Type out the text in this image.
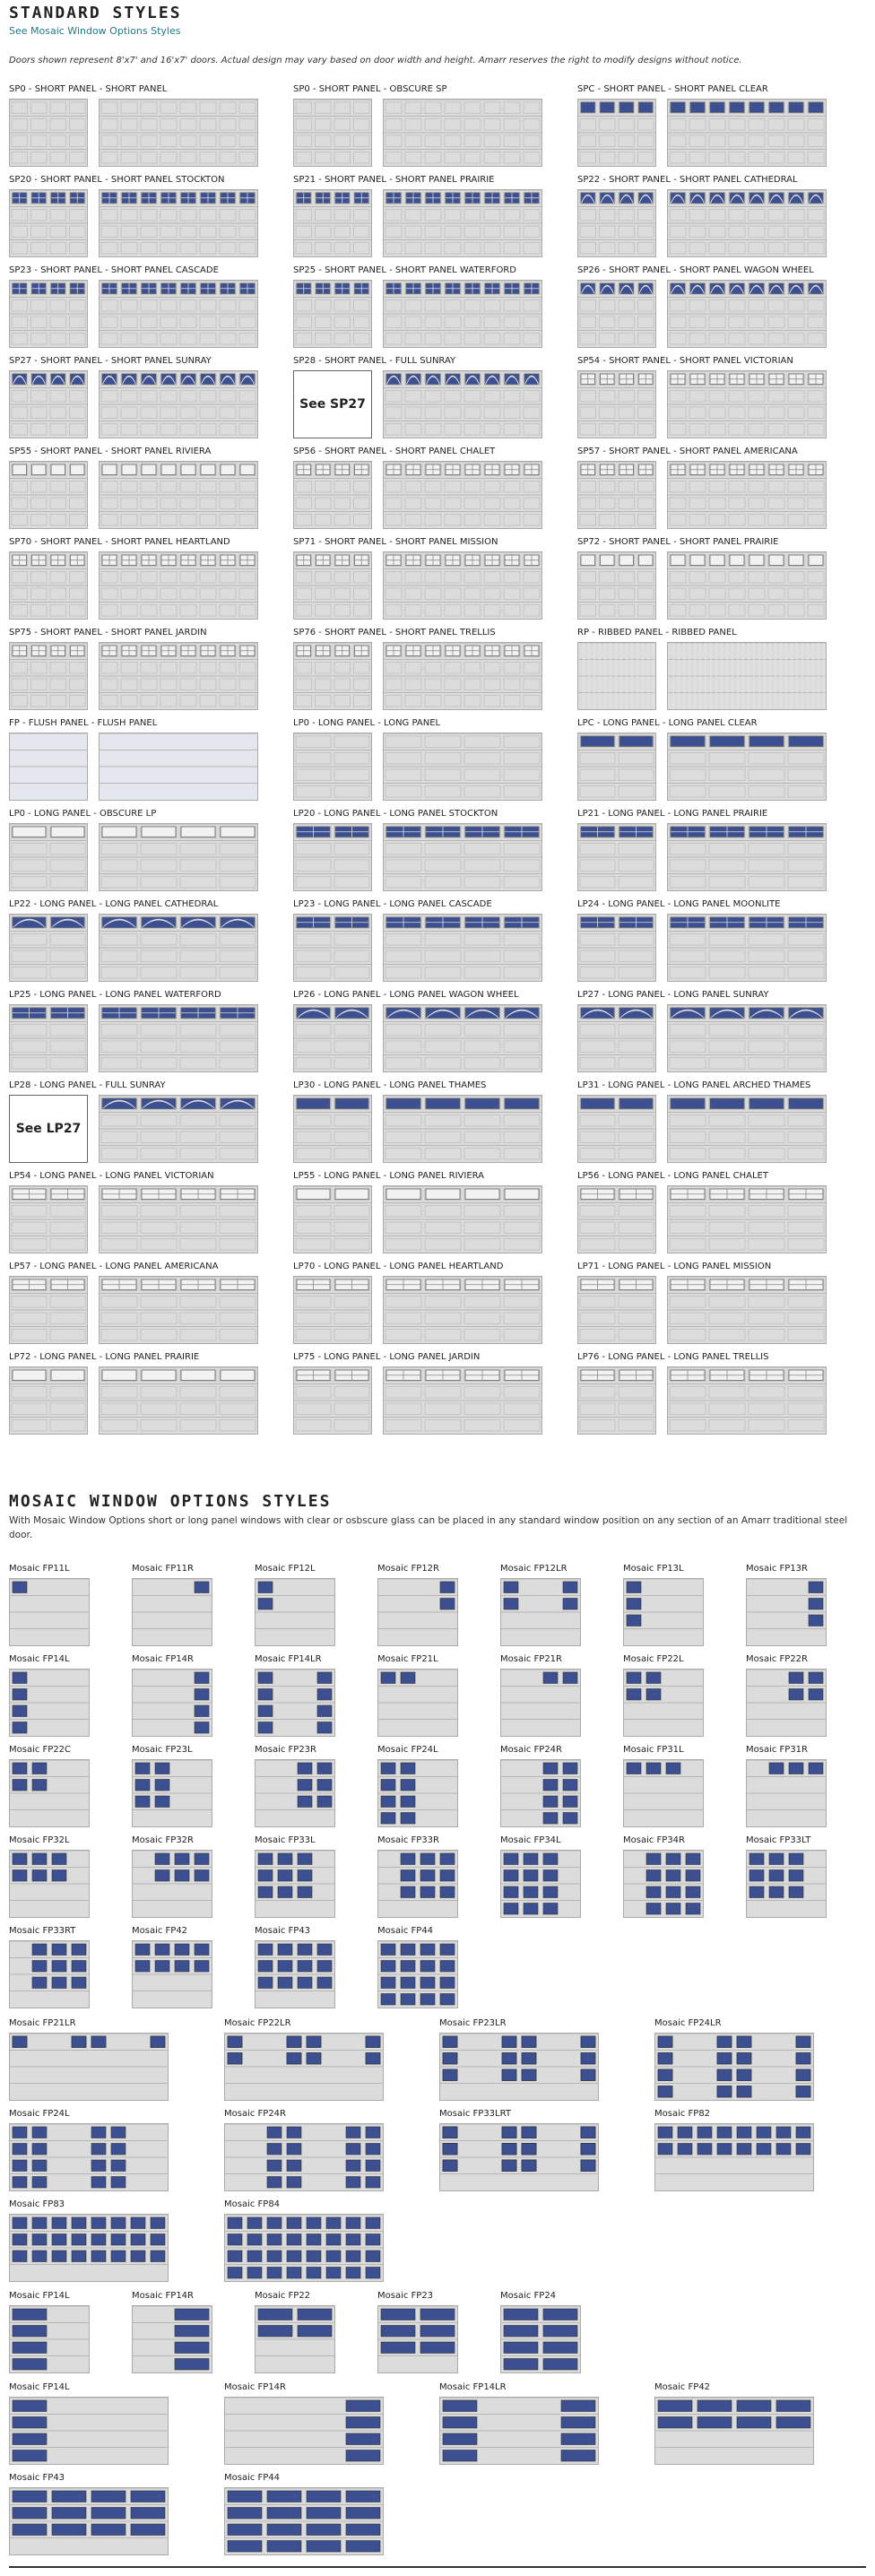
STANDARD STYLES
See Mosaic Window Options Styles
Doors shown represent 8'x7' and 16'x7' doors. Actual design may vary based on door width and height. Amarr reserves the right to modify designs without notice.
SP0 - SHORT PANEL - SHORT PANEL	SP0 - SHORT PANEL - OBSCURE SP	SPC - SHORT PANEL - SHORT PANEL CLEAR
SP20 - SHORT PANEL - SHORT PANEL STOCKTON	SP21 - SHORT PANEL - SHORT PANEL PRAIRIE	SP22 - SHORT PANEL - SHORT PANEL CATHEDRAL
SP23 - SHORT PANEL - SHORT PANEL CASCADE	SP25 - SHORT PANEL - SHORT PANEL WATERFORD	SP26 - SHORT PANEL - SHORT PANEL WAGON WHEEL
SP27 - SHORT PANEL - SHORT PANEL SUNRAY	SP28 - SHORT PANEL - FULL SUNRAY
See SP27
SP54 - SHORT PANEL - SHORT PANEL VICTORIAN
SP55 - SHORT PANEL - SHORT PANEL RIVIERA	SP56 - SHORT PANEL - SHORT PANEL CHALET	SP57 - SHORT PANEL - SHORT PANEL AMERICANA
SP70 - SHORT PANEL - SHORT PANEL HEARTLAND	SP71 - SHORT PANEL - SHORT PANEL MISSION	SP72 - SHORT PANEL - SHORT PANEL PRAIRIE
SP75 - SHORT PANEL - SHORT PANEL JARDIN	SP76 - SHORT PANEL - SHORT PANEL TRELLIS	RP - RIBBED PANEL - RIBBED PANEL
FP - FLUSH PANEL - FLUSH PANEL	LP0 - LONG PANEL - LONG PANEL	LPC - LONG PANEL - LONG PANEL CLEAR
LP0 - LONG PANEL - OBSCURE LP	LP20 - LONG PANEL - LONG PANEL STOCKTON	LP21 - LONG PANEL - LONG PANEL PRAIRIE
LP22 - LONG PANEL - LONG PANEL CATHEDRAL	LP23 - LONG PANEL - LONG PANEL CASCADE	LP24 - LONG PANEL - LONG PANEL MOONLITE
LP25 - LONG PANEL - LONG PANEL WATERFORD	LP26 - LONG PANEL - LONG PANEL WAGON WHEEL	LP27 - LONG PANEL - LONG PANEL SUNRAY
LP28 - LONG PANEL - FULL SUNRAY
See LP27
LP30 - LONG PANEL - LONG PANEL THAMES	LP31 - LONG PANEL - LONG PANEL ARCHED THAMES
LP54 - LONG PANEL - LONG PANEL VICTORIAN	LP55 - LONG PANEL - LONG PANEL RIVIERA	LP56 - LONG PANEL - LONG PANEL CHALET
LP57 - LONG PANEL - LONG PANEL AMERICANA	LP70 - LONG PANEL - LONG PANEL HEARTLAND	LP71 - LONG PANEL - LONG PANEL MISSION
LP72 - LONG PANEL - LONG PANEL PRAIRIE	LP75 - LONG PANEL - LONG PANEL JARDIN	LP76 - LONG PANEL - LONG PANEL TRELLIS
MOSAIC WINDOW OPTIONS STYLES
With Mosaic Window Options short or long panel windows with clear or osbscure glass can be placed in any standard window position on any section of an Amarr traditional steel door.
Mosaic FP11L	Mosaic FP11R	Mosaic FP12L	Mosaic FP12R	Mosaic FP12LR	Mosaic FP13L	Mosaic FP13R
Mosaic FP14L	Mosaic FP14R	Mosaic FP14LR	Mosaic FP21L	Mosaic FP21R	Mosaic FP22L	Mosaic FP22R
Mosaic FP22C	Mosaic FP23L	Mosaic FP23R	Mosaic FP24L	Mosaic FP24R	Mosaic FP31L	Mosaic FP31R
Mosaic FP32L	Mosaic FP32R	Mosaic FP33L	Mosaic FP33R	Mosaic FP34L	Mosaic FP34R	Mosaic FP33LT
Mosaic FP33RT	Mosaic FP42	Mosaic FP43	Mosaic FP44
Mosaic FP21LR	Mosaic FP22LR	Mosaic FP23LR	Mosaic FP24LR
Mosaic FP24L	Mosaic FP24R	Mosaic FP33LRT	Mosaic FP82
Mosaic FP83	Mosaic FP84
Mosaic FP14L	Mosaic FP14R	Mosaic FP22	Mosaic FP23	Mosaic FP24
Mosaic FP14L	Mosaic FP14R	Mosaic FP14LR	Mosaic FP42
Mosaic FP43	Mosaic FP44
